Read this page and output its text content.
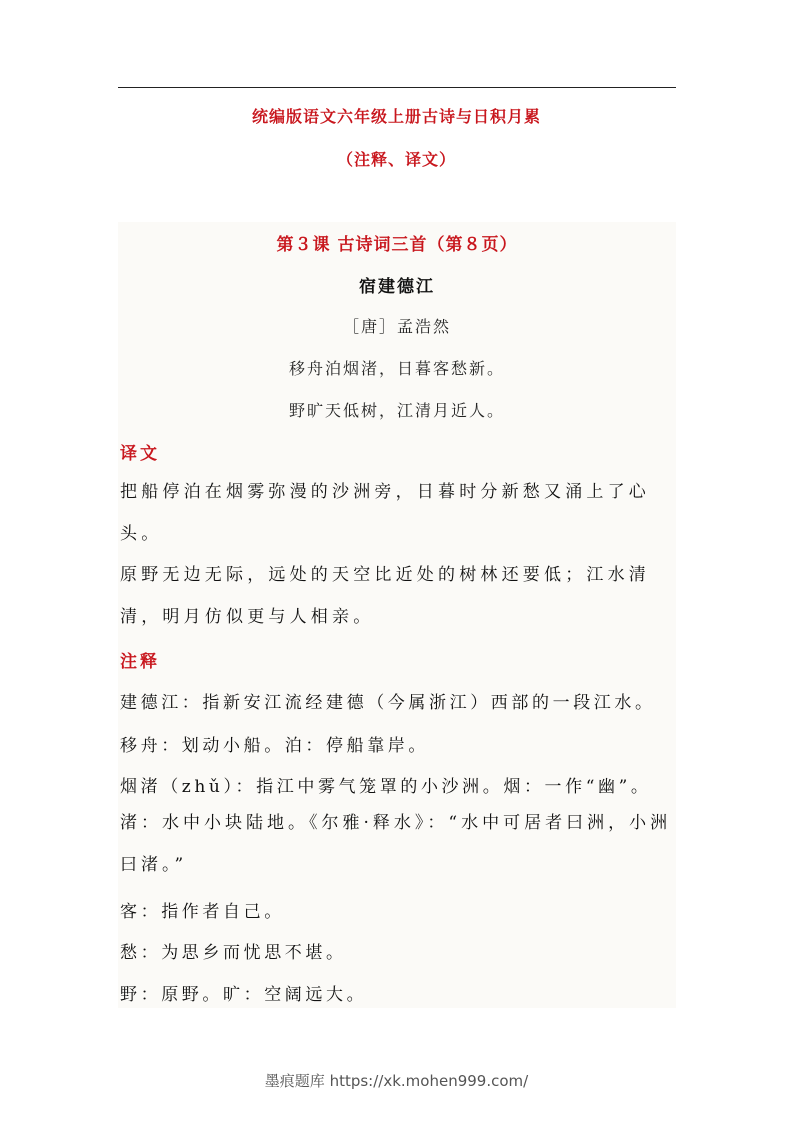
统编版语文六年级上册古诗与日积月累
（注释、译文）
第３课 古诗词三首（第８页）
宿建德江
［唐］孟浩然
移舟泊烟渚，日暮客愁新。
野旷天低树，江清月近人。
译文
把船停泊在烟雾弥漫的沙洲旁，日暮时分新愁又涌上了心头。
原野无边无际，远处的天空比近处的树林还要低；江水清清，明月仿似更与人相亲。
注释
建德江：指新安江流经建德（今属浙江）西部的一段江水。
移舟：划动小船。泊：停船靠岸。
烟渚（zhǔ）：指江中雾气笼罩的小沙洲。烟：一作“幽”。
渚：水中小块陆地。《尔雅·释水》：“水中可居者曰洲，小洲曰渚。”
客：指作者自己。
愁：为思乡而忧思不堪。
野：原野。旷：空阔远大。
墨痕题库 https://xk.mohen999.com/
